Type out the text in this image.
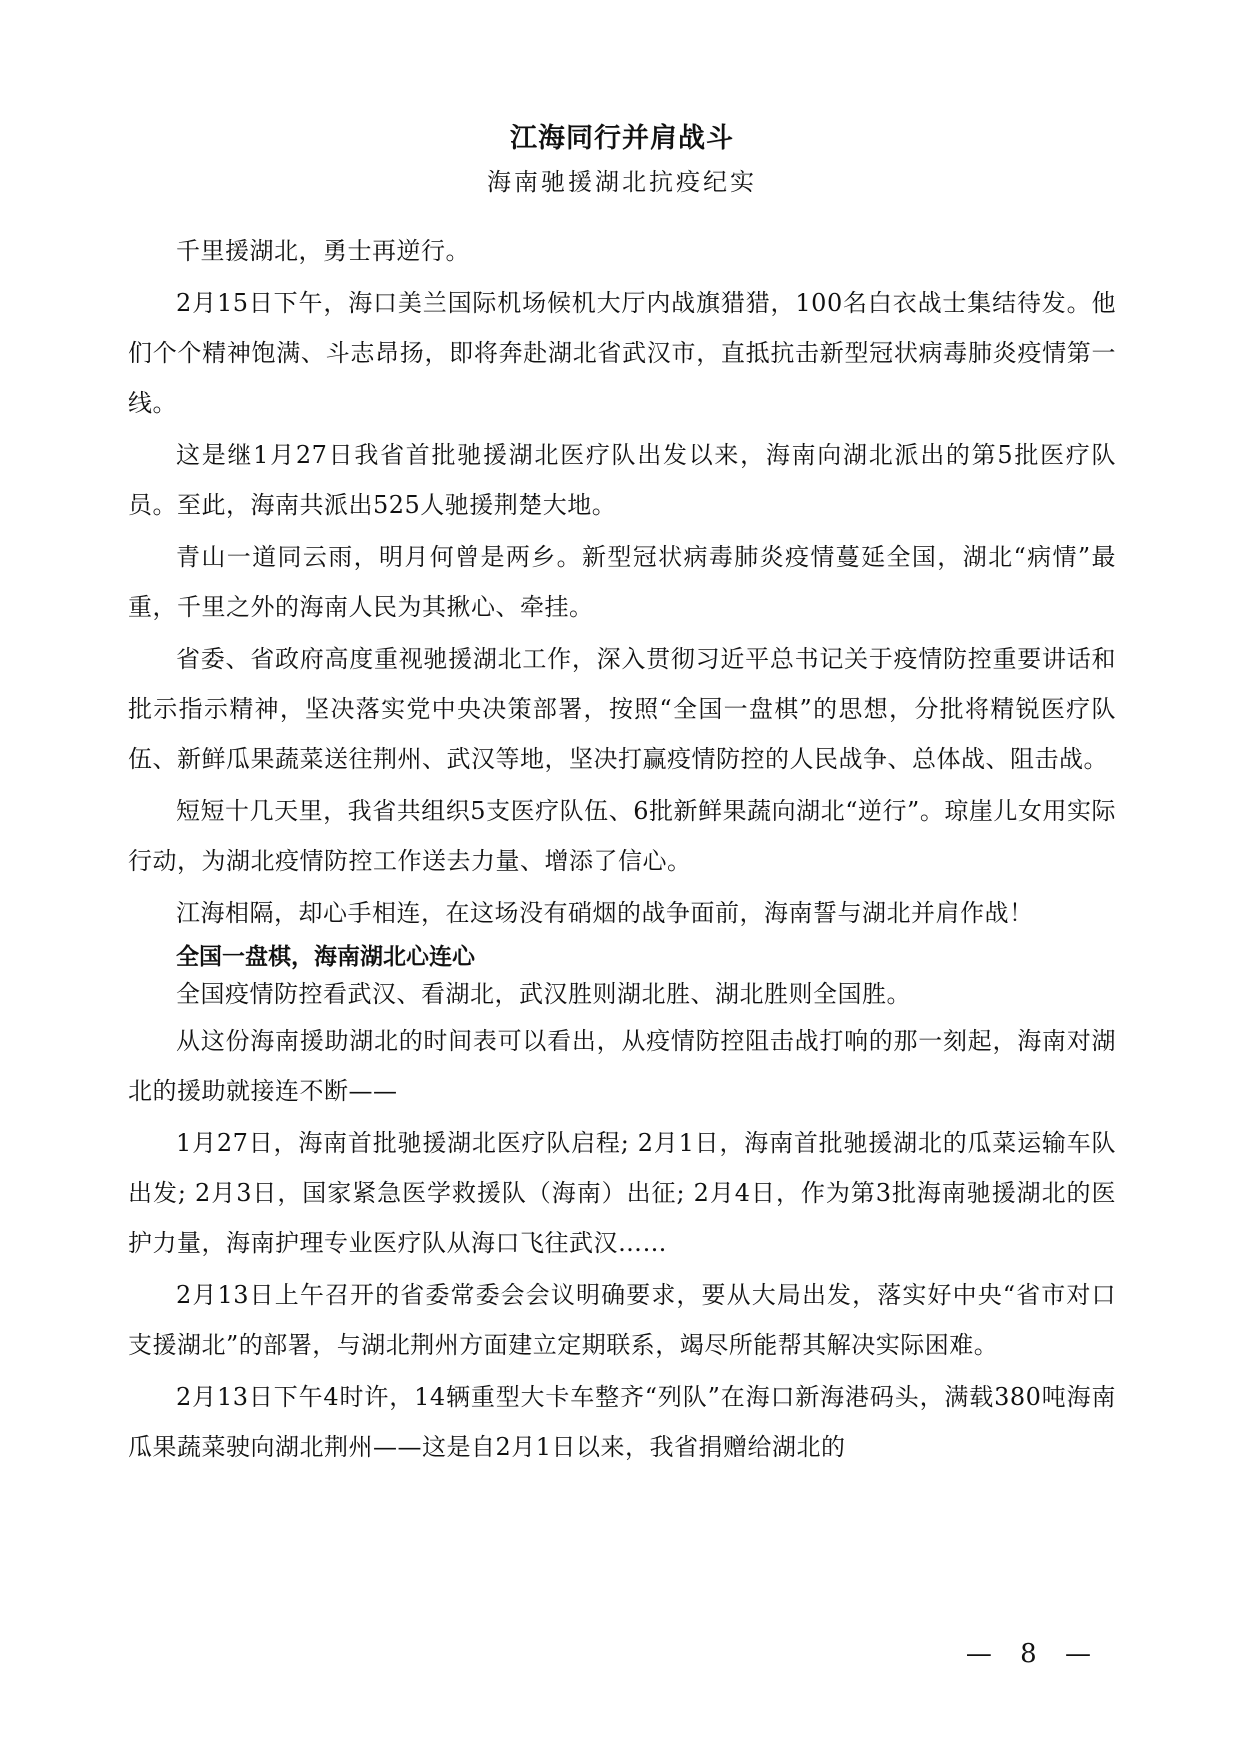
江海同行并肩战斗
海南驰援湖北抗疫纪实

千里援湖北，勇士再逆行。

2月15日下午，海口美兰国际机场候机大厅内战旗猎猎，100名白衣战士集结待发。他们个个精神饱满、斗志昂扬，即将奔赴湖北省武汉市，直抵抗击新型冠状病毒肺炎疫情第一线。

这是继1月27日我省首批驰援湖北医疗队出发以来，海南向湖北派出的第5批医疗队员。至此，海南共派出525人驰援荆楚大地。

青山一道同云雨，明月何曾是两乡。新型冠状病毒肺炎疫情蔓延全国，湖北“病情”最重，千里之外的海南人民为其揪心、牵挂。

省委、省政府高度重视驰援湖北工作，深入贯彻习近平总书记关于疫情防控重要讲话和批示指示精神，坚决落实党中央决策部署，按照“全国一盘棋”的思想，分批将精锐医疗队伍、新鲜瓜果蔬菜送往荆州、武汉等地，坚决打赢疫情防控的人民战争、总体战、阻击战。

短短十几天里，我省共组织5支医疗队伍、6批新鲜果蔬向湖北“逆行”。琼崖儿女用实际行动，为湖北疫情防控工作送去力量、增添了信心。

江海相隔，却心手相连，在这场没有硝烟的战争面前，海南誓与湖北并肩作战！

全国一盘棋，海南湖北心连心

全国疫情防控看武汉、看湖北，武汉胜则湖北胜、湖北胜则全国胜。

从这份海南援助湖北的时间表可以看出，从疫情防控阻击战打响的那一刻起，海南对湖北的援助就接连不断——

1月27日，海南首批驰援湖北医疗队启程; 2月1日，海南首批驰援湖北的瓜菜运输车队出发; 2月3日，国家紧急医学救援队（海南）出征; 2月4日，作为第3批海南驰援湖北的医护力量，海南护理专业医疗队从海口飞往武汉……

2月13日上午召开的省委常委会会议明确要求，要从大局出发，落实好中央“省市对口支援湖北”的部署，与湖北荆州方面建立定期联系，竭尽所能帮其解决实际困难。

2月13日下午4时许，14辆重型大卡车整齐“列队”在海口新海港码头，满载380吨海南瓜果蔬菜驶向湖北荆州——这是自2月1日以来，我省捐赠给湖北的

— 8 —
